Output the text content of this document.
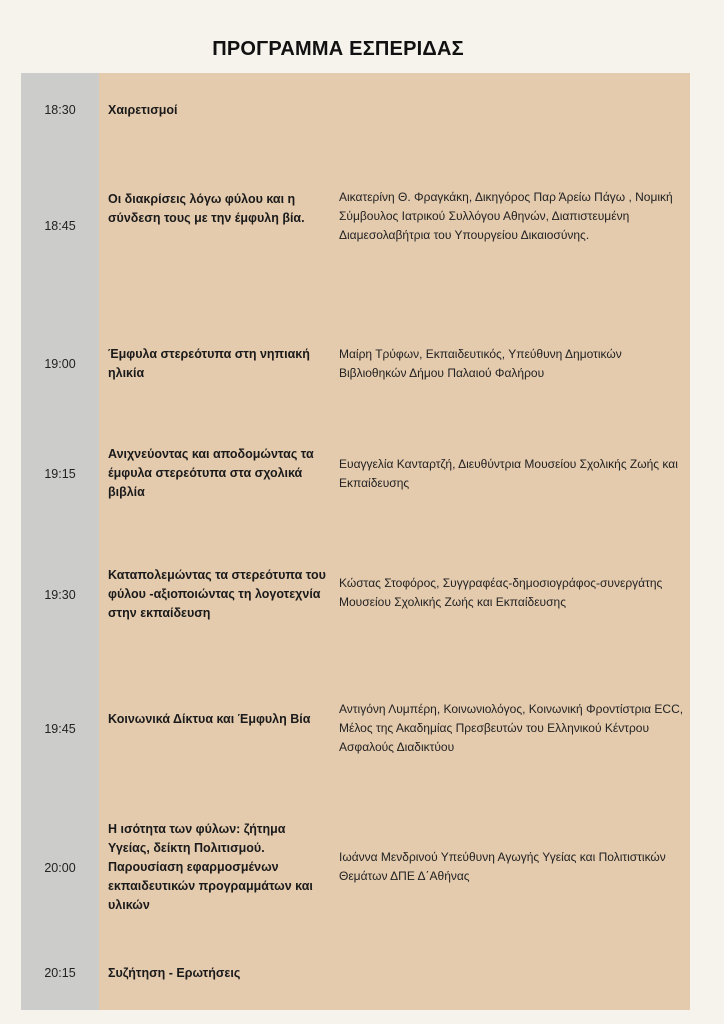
ΠΡΟΓΡΑΜΜΑ ΕΣΠΕΡΙΔΑΣ
18:30	Χαιρετισμοί
18:45
Οι διακρίσεις λόγω φύλου και η σύνδεση τους με την έμφυλη βία.
Αικατερίνη Θ. Φραγκάκη, Δικηγόρος Παρ Άρείω Πάγω , Νομική Σύμβουλος Ιατρικού Συλλόγου Αθηνών, Διαπιστευμένη Διαμεσολαβήτρια του Υπουργείου Δικαιοσύνης.
19:00
Έμφυλα στερεότυπα στη νηπιακή ηλικία
Μαίρη Τρύφων, Εκπαιδευτικός, Υπεύθυνη Δημοτικών Βιβλιοθηκών Δήμου Παλαιού Φαλήρου
19:15
Ανιχνεύοντας και αποδομώντας τα έμφυλα στερεότυπα στα σχολικά βιβλία
Ευαγγελία Κανταρτζή, Διευθύντρια Μουσείου Σχολικής Ζωής και Εκπαίδευσης
19:30
Καταπολεμώντας τα στερεότυπα του φύλου -αξιοποιώντας τη λογοτεχνία στην εκπαίδευση
Κώστας Στοφόρος, Συγγραφέας-δημοσιογράφος-συνεργάτης Μουσείου Σχολικής Ζωής και Εκπαίδευσης
19:45
Κοινωνικά Δίκτυα και Έμφυλη Βία
Αντιγόνη Λυμπέρη, Κοινωνιολόγος, Κοινωνική Φροντίστρια ECC, Μέλος της Ακαδημίας Πρεσβευτών του Ελληνικού Κέντρου Ασφαλούς Διαδικτύου
20:00
Η ισότητα των φύλων: ζήτημα Υγείας, δείκτη Πολιτισμού. Παρουσίαση εφαρμοσμένων εκπαιδευτικών προγραμμάτων και υλικών
Ιωάννα Μενδρινού Υπεύθυνη Αγωγής Υγείας και Πολιτιστικών Θεμάτων ΔΠΕ Δ΄Αθήνας
20:15	Συζήτηση - Ερωτήσεις
